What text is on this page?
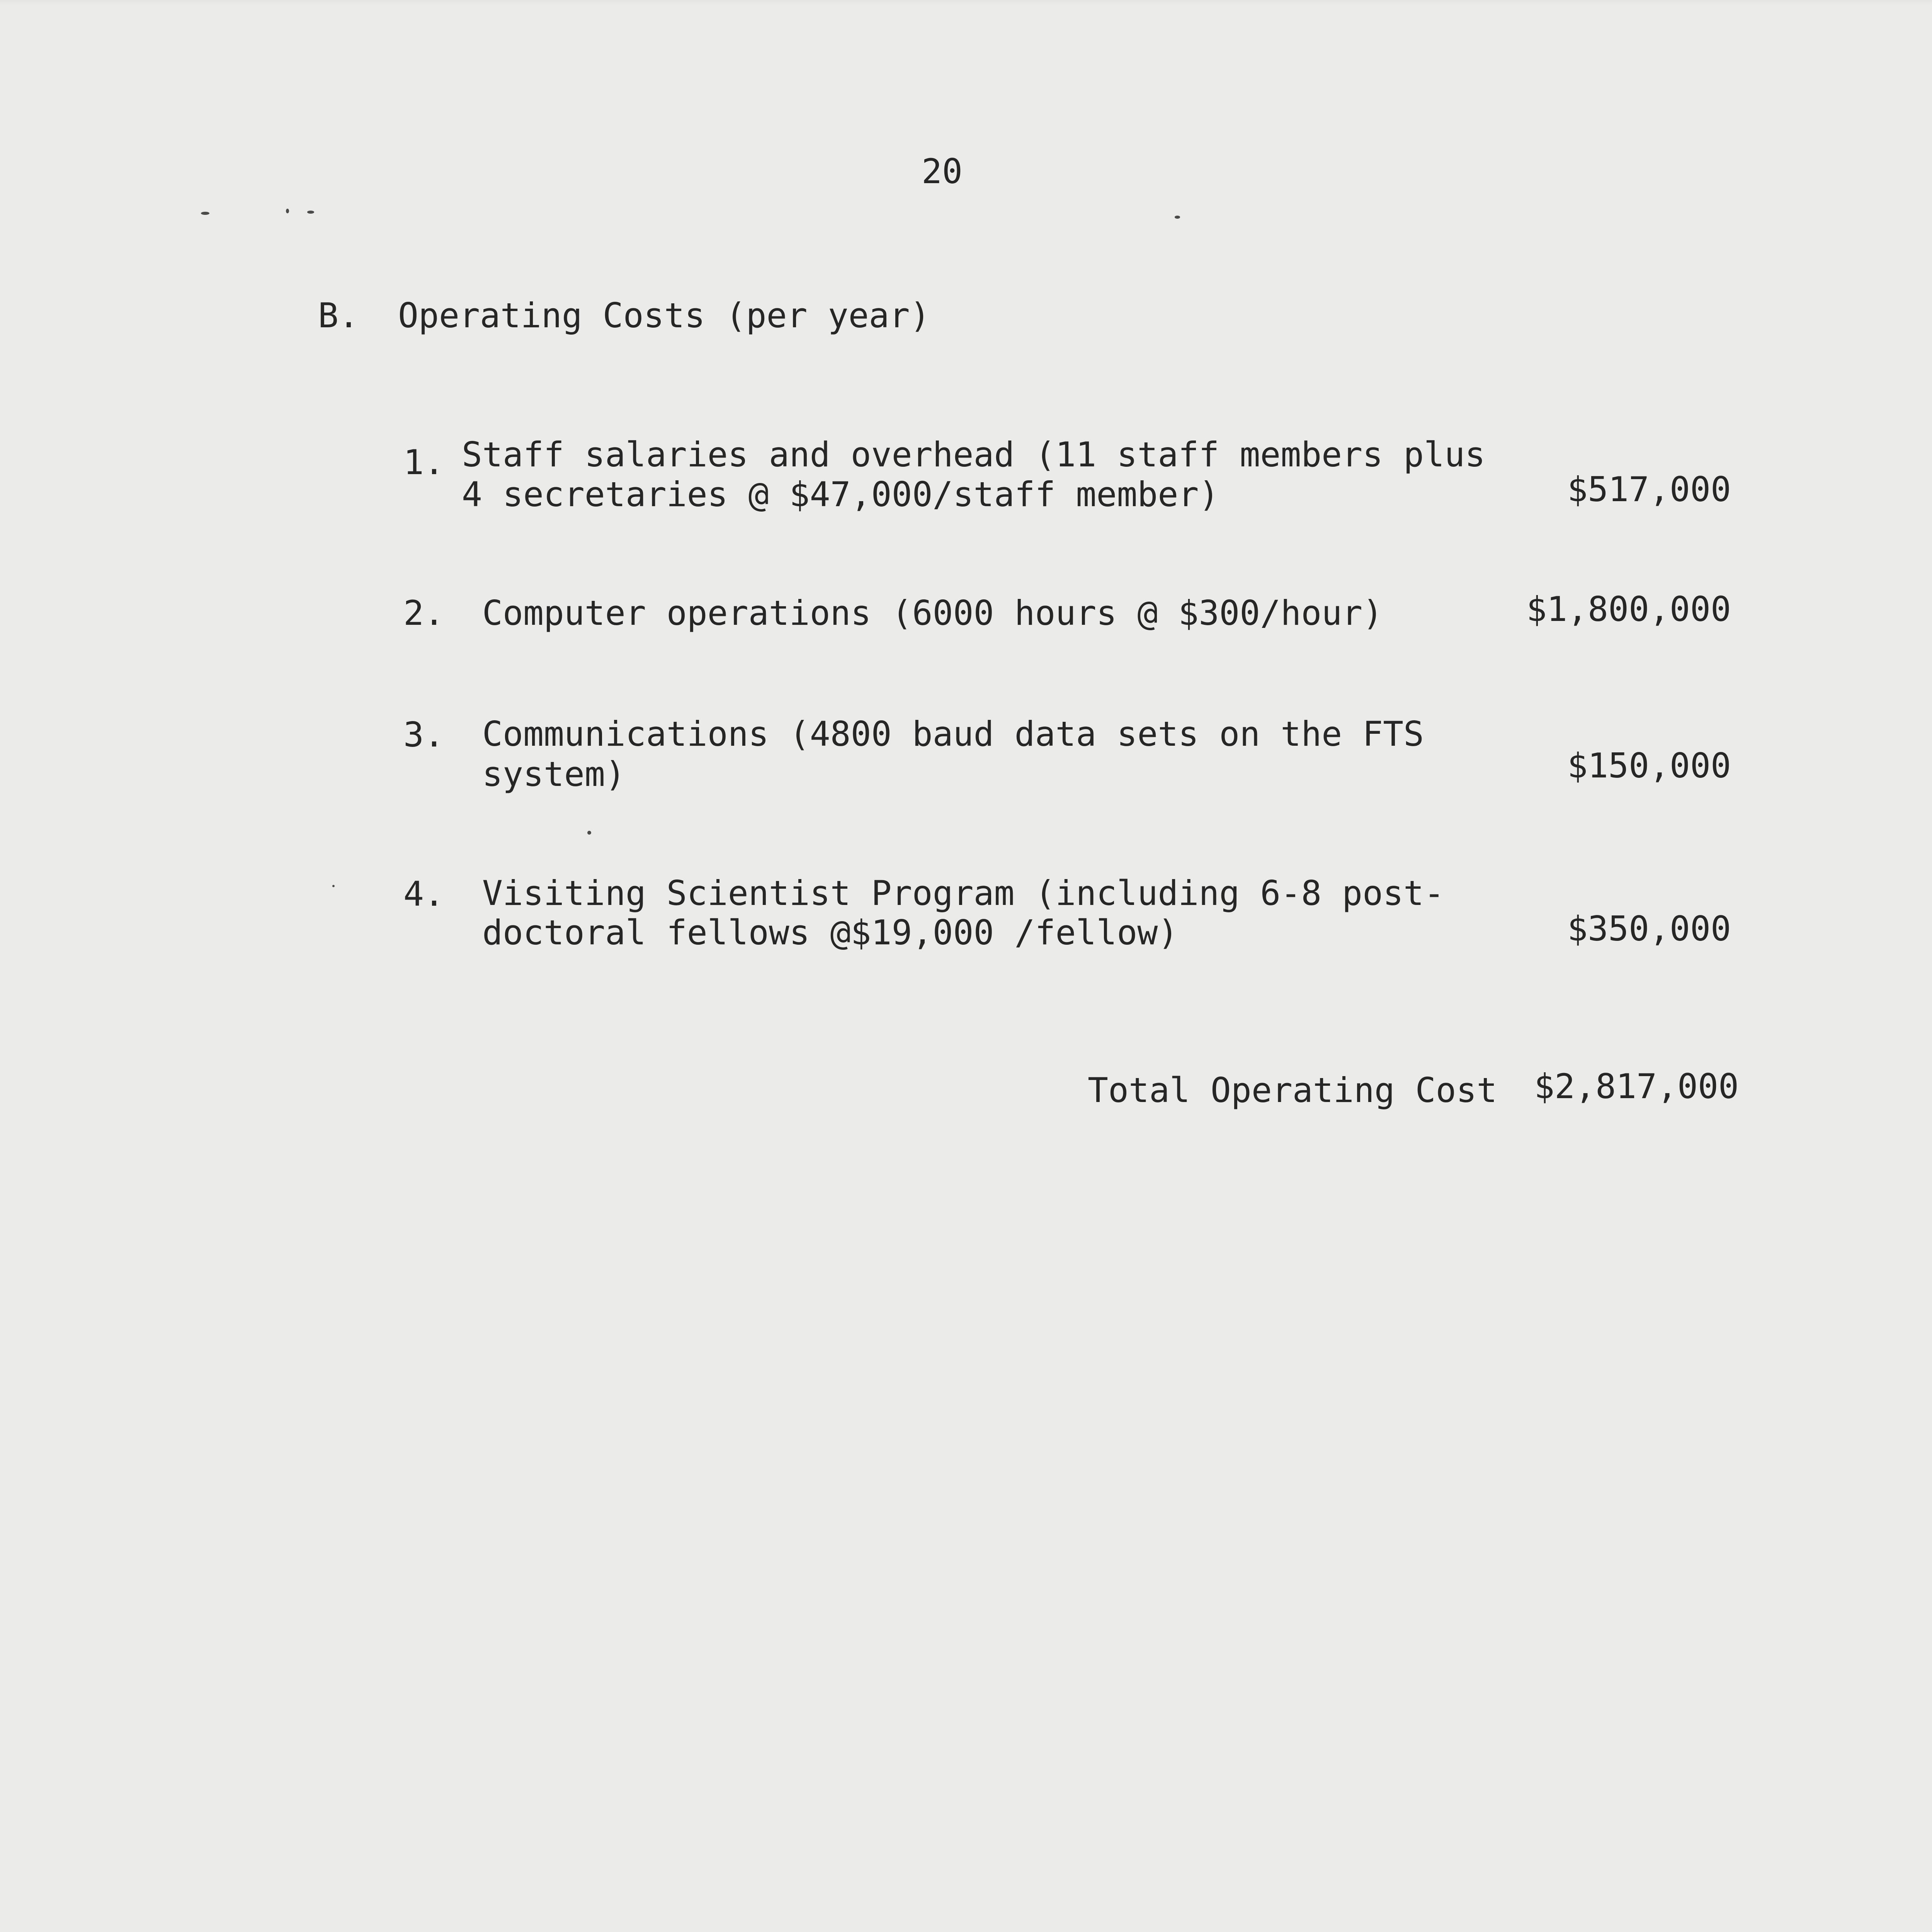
20

B. Operating Costs (per year)

1. Staff salaries and overhead (11 staff members plus

4 secretaries @ $47,000/staff member)	$517,000

2. Computer operations (6000 hours @ $300/hour)	$1,800,000

3. Communications (4800 baud data sets on the FTS

system)	$150,000

4. Visiting Scientist Program (including 6-8 post-

doctoral fellows @$19,000 /fellow)	$350,000

Total Operating Cost	$2,817,000
